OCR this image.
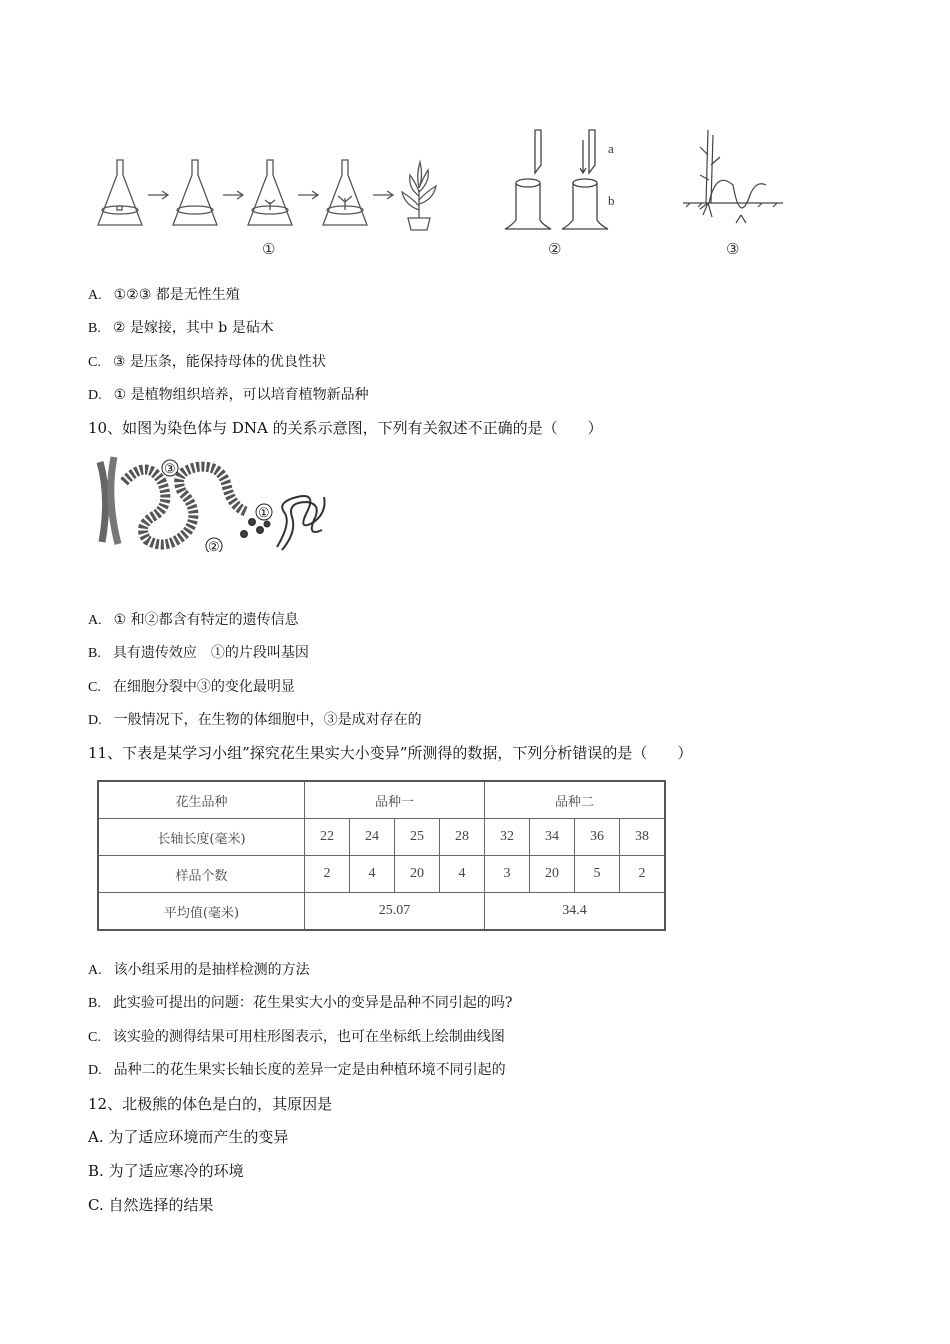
a
b
①	②	③
A. ①②③ 都是无性生殖
B. ② 是嫁接，其中 b 是砧木
C. ③ 是压条，能保持母体的优良性状
D. ① 是植物组织培养，可以培育植物新品种
10、如图为染色体与 DNA 的关系示意图，下列有关叙述不正确的是（　　）
③
①
②
A. ① 和②都含有特定的遗传信息
B. 具有遗传效应　①的片段叫基因
C. 在细胞分裂中③的变化最明显
D. 一般情况下，在生物的体细胞中，③是成对存在的
11、下表是某学习小组”探究花生果实大小变异”所测得的数据，下列分析错误的是（　　）
花生品种	品种一				品种二			
长轴长度(毫米)	22	24	25	28	32	34	36	38
样品个数	2	4	20	4	3	20	5	2
平均值(毫米)	25.07				34.4			
A. 该小组采用的是抽样检测的方法
B. 此实验可提出的问题：花生果实大小的变异是品种不同引起的吗?
C. 该实验的测得结果可用柱形图表示，也可在坐标纸上绘制曲线图
D. 品种二的花生果实长轴长度的差异一定是由种植环境不同引起的
12、北极熊的体色是白的，其原因是
A. 为了适应环境而产生的变异
B. 为了适应寒冷的环境
C. 自然选择的结果
